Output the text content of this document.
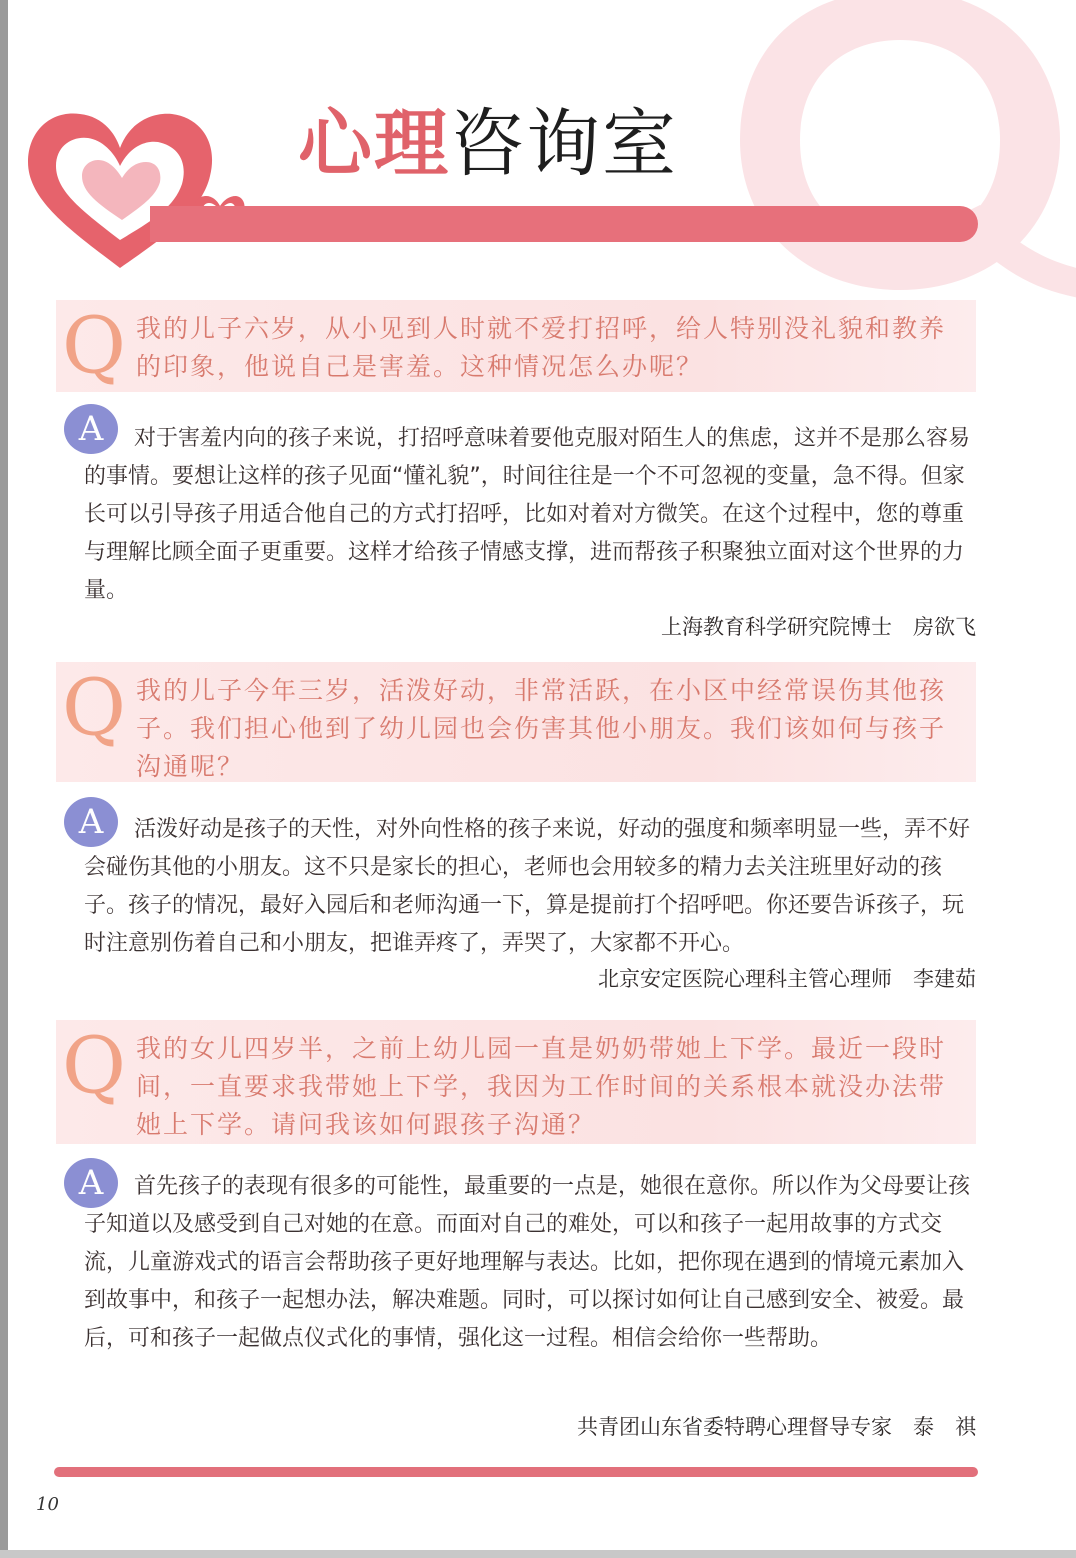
心理咨询室
Q 我的儿子六岁，从小见到人时就不爱打招呼，给人特别没礼貌和教养的印象，他说自己是害羞。这种情况怎么办呢？

A	对于害羞内向的孩子来说，打招呼意味着要他克服对陌生人的焦虑，这并不是那么容易的事情。要想让这样的孩子见面“懂礼貌”，时间往往是一个不可忽视的变量，急不得。但家长可以引导孩子用适合他自己的方式打招呼，比如对着对方微笑。在这个过程中，您的尊重与理解比顾全面子更重要。这样才给孩子情感支撑，进而帮孩子积聚独立面对这个世界的力量。

上海教育科学研究院博士　房欲飞
Q 我的儿子今年三岁，活泼好动，非常活跃，在小区中经常误伤其他孩子。我们担心他到了幼儿园也会伤害其他小朋友。我们该如何与孩子沟通呢？

A	活泼好动是孩子的天性，对外向性格的孩子来说，好动的强度和频率明显一些，弄不好会碰伤其他的小朋友。这不只是家长的担心，老师也会用较多的精力去关注班里好动的孩子。孩子的情况，最好入园后和老师沟通一下，算是提前打个招呼吧。你还要告诉孩子，玩时注意别伤着自己和小朋友，把谁弄疼了，弄哭了，大家都不开心。

北京安定医院心理科主管心理师　李建茹
Q 我的女儿四岁半，之前上幼儿园一直是奶奶带她上下学。最近一段时间，一直要求我带她上下学，我因为工作时间的关系根本就没办法带她上下学。请问我该如何跟孩子沟通？

A	首先孩子的表现有很多的可能性，最重要的一点是，她很在意你。所以作为父母要让孩子知道以及感受到自己对她的在意。而面对自己的难处，可以和孩子一起用故事的方式交流，儿童游戏式的语言会帮助孩子更好地理解与表达。比如，把你现在遇到的情境元素加入到故事中，和孩子一起想办法，解决难题。同时，可以探讨如何让自己感到安全、被爱。最后，可和孩子一起做点仪式化的事情，强化这一过程。相信会给你一些帮助。

共青团山东省委特聘心理督导专家　泰　祺
10
